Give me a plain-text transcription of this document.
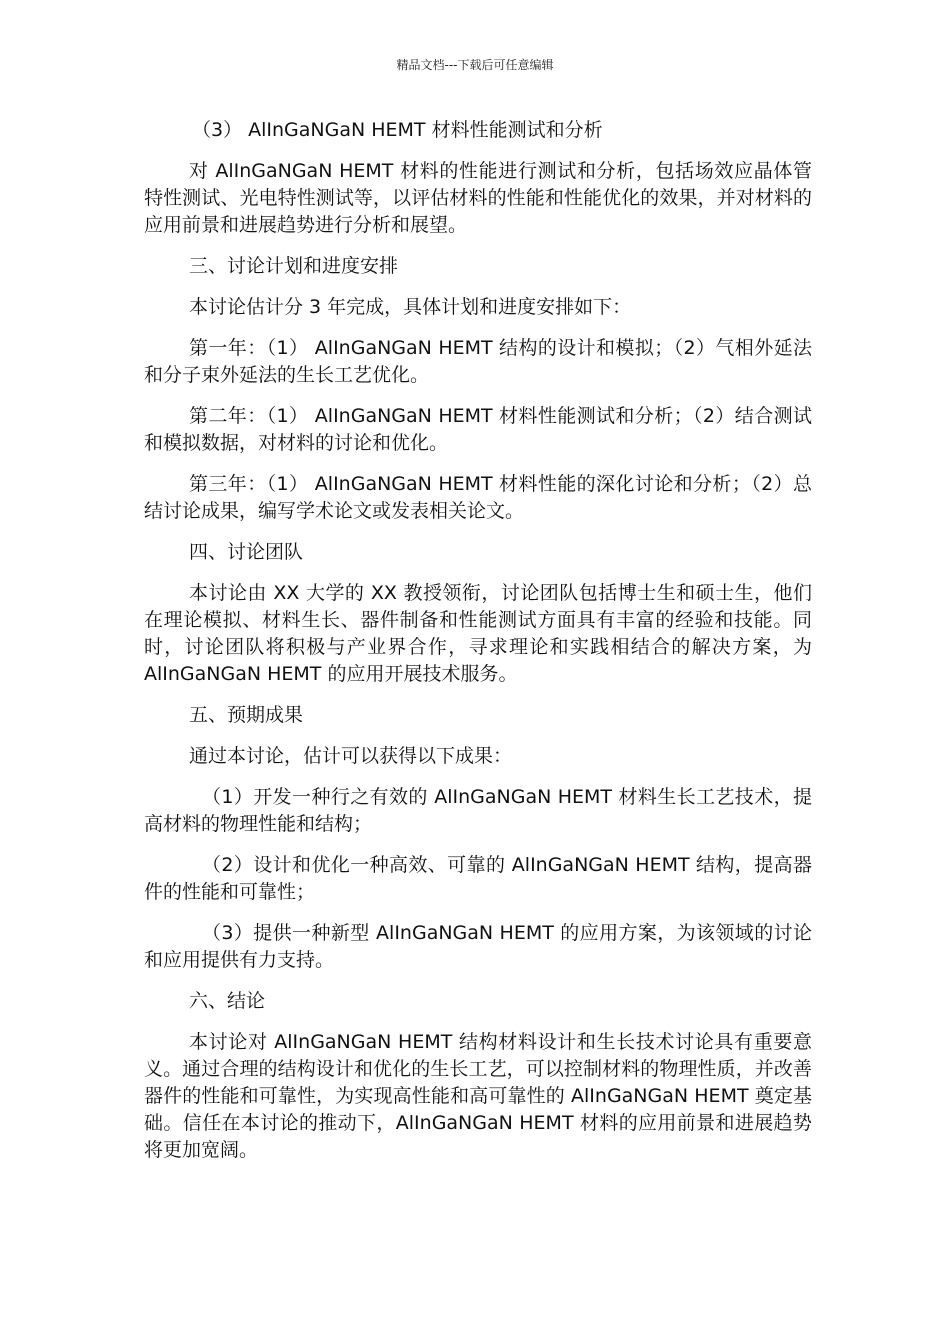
精品文档---下载后可任意编辑

（3） AlInGaNGaN HEMT 材料性能测试和分析

对 AlInGaNGaN HEMT 材料的性能进行测试和分析，包括场效应晶体管特性测试、光电特性测试等，以评估材料的性能和性能优化的效果，并对材料的应用前景和进展趋势进行分析和展望。

三、讨论计划和进度安排

本讨论估计分 3 年完成，具体计划和进度安排如下：

第一年：（1） AlInGaNGaN HEMT 结构的设计和模拟；（2）气相外延法和分子束外延法的生长工艺优化。

第二年：（1） AlInGaNGaN HEMT 材料性能测试和分析；（2）结合测试和模拟数据，对材料的讨论和优化。

第三年：（1） AlInGaNGaN HEMT 材料性能的深化讨论和分析；（2）总结讨论成果，编写学术论文或发表相关论文。

四、讨论团队

本讨论由 XX 大学的 XX 教授领衔，讨论团队包括博士生和硕士生，他们在理论模拟、材料生长、器件制备和性能测试方面具有丰富的经验和技能。同时，讨论团队将积极与产业界合作，寻求理论和实践相结合的解决方案，为 AlInGaNGaN HEMT 的应用开展技术服务。

五、预期成果

通过本讨论，估计可以获得以下成果：

（1）开发一种行之有效的 AlInGaNGaN HEMT 材料生长工艺技术，提高材料的物理性能和结构；

（2）设计和优化一种高效、可靠的 AlInGaNGaN HEMT 结构，提高器件的性能和可靠性；

（3）提供一种新型 AlInGaNGaN HEMT 的应用方案，为该领域的讨论和应用提供有力支持。

六、结论

本讨论对 AlInGaNGaN HEMT 结构材料设计和生长技术讨论具有重要意义。通过合理的结构设计和优化的生长工艺，可以控制材料的物理性质，并改善器件的性能和可靠性，为实现高性能和高可靠性的 AlInGaNGaN HEMT 奠定基础。信任在本讨论的推动下，AlInGaNGaN HEMT 材料的应用前景和进展趋势将更加宽阔。
